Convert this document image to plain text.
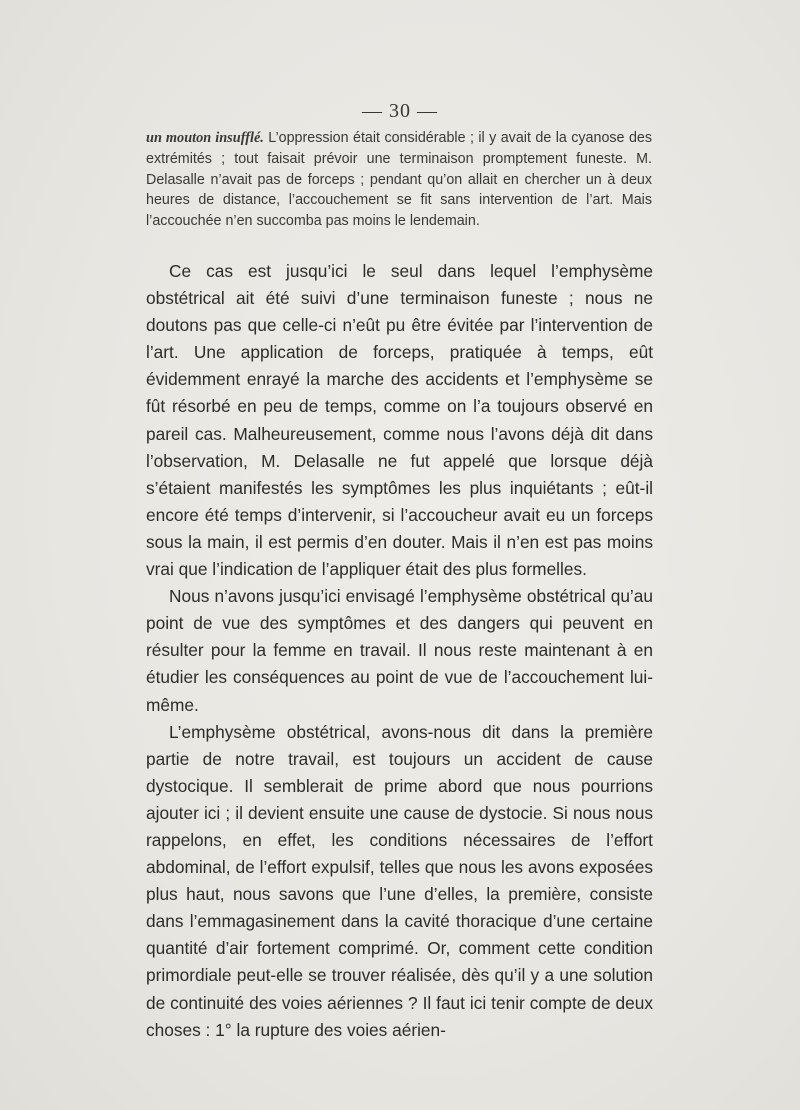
— 30 —
un mouton insufflé. L’oppression était considérable ; il y avait de la cyanose des extrémités ; tout faisait prévoir une terminaison promptement funeste. M. Delasalle n’avait pas de forceps ; pendant qu’on allait en chercher un à deux heures de distance, l’accouchement se fit sans intervention de l’art. Mais l’accouchée n’en succomba pas moins le lendemain.

Ce cas est jusqu’ici le seul dans lequel l’emphysème obstétrical ait été suivi d’une terminaison funeste ; nous ne doutons pas que celle-ci n’eût pu être évitée par l’intervention de l’art. Une application de forceps, pratiquée à temps, eût évidemment enrayé la marche des accidents et l’emphysème se fût résorbé en peu de temps, comme on l’a toujours observé en pareil cas. Malheureusement, comme nous l’avons déjà dit dans l’observation, M. Delasalle ne fut appelé que lorsque déjà s’étaient manifestés les symptômes les plus inquiétants ; eût-il encore été temps d’intervenir, si l’accoucheur avait eu un forceps sous la main, il est permis d’en douter. Mais il n’en est pas moins vrai que l’indication de l’appliquer était des plus formelles.

Nous n’avons jusqu’ici envisagé l’emphysème obstétrical qu’au point de vue des symptômes et des dangers qui peuvent en résulter pour la femme en travail. Il nous reste maintenant à en étudier les conséquences au point de vue de l’accouchement lui-même.

L’emphysème obstétrical, avons-nous dit dans la première partie de notre travail, est toujours un accident de cause dystocique. Il semblerait de prime abord que nous pourrions ajouter ici ; il devient ensuite une cause de dystocie. Si nous nous rappelons, en effet, les conditions nécessaires de l’effort abdominal, de l’effort expulsif, telles que nous les avons exposées plus haut, nous savons que l’une d’elles, la première, consiste dans l’emmagasinement dans la cavité thoracique d’une certaine quantité d’air fortement comprimé. Or, comment cette condition primordiale peut-elle se trouver réalisée, dès qu’il y a une solution de continuité des voies aériennes ? Il faut ici tenir compte de deux choses : 1° la rupture des voies aérien-
